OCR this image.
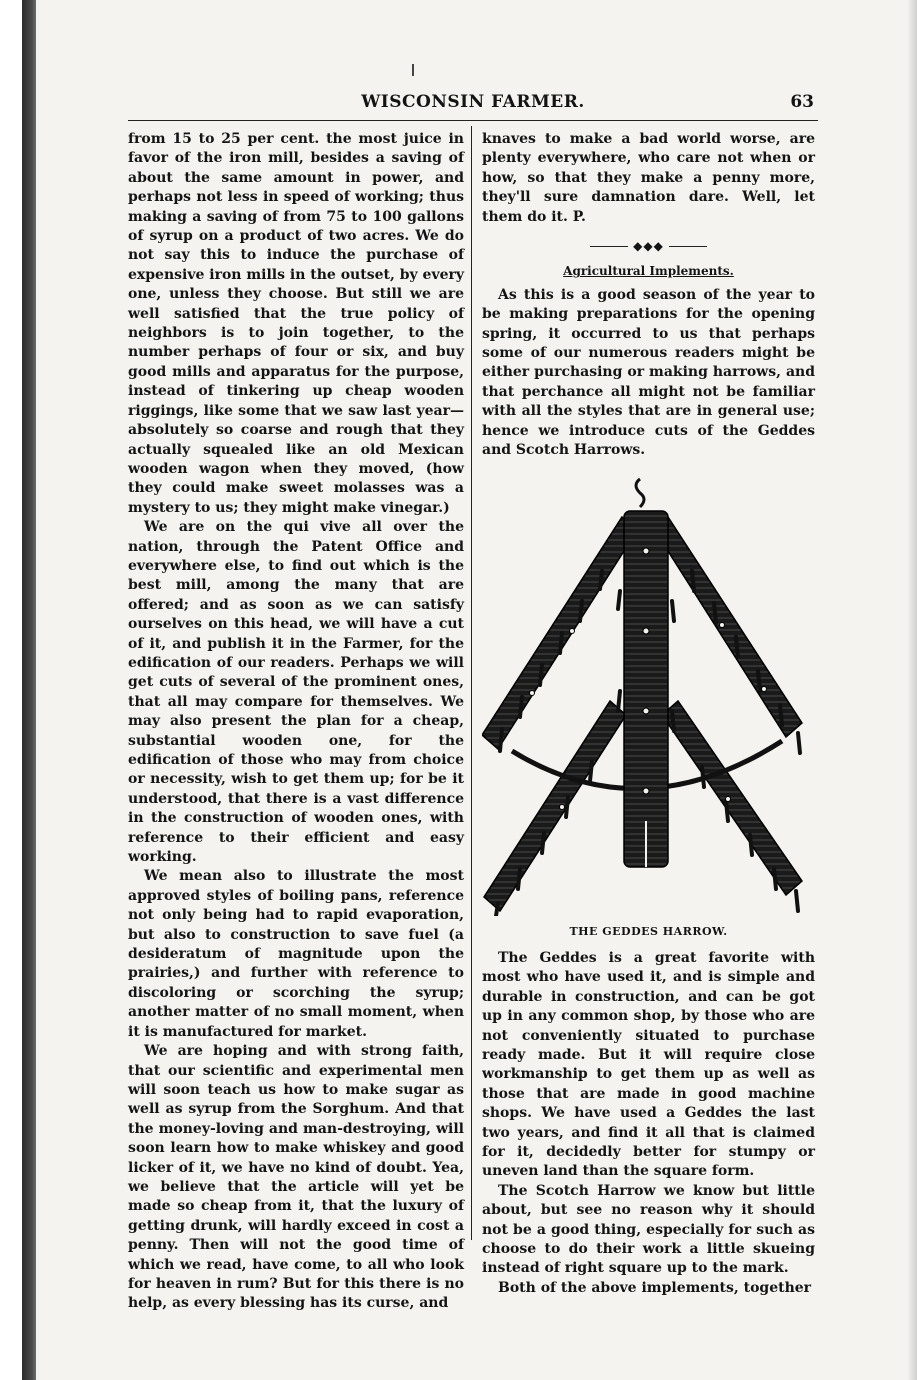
WISCONSIN FARMER.	63

from 15 to 25 per cent. the most juice in favor of the iron mill, besides a saving of about the same amount in power, and perhaps not less in speed of working; thus making a saving of from 75 to 100 gallons of syrup on a product of two acres. We do not say this to induce the purchase of expensive iron mills in the outset, by every one, unless they choose. But still we are well satisfied that the true policy of neighbors is to join together, to the number perhaps of four or six, and buy good mills and apparatus for the purpose, instead of tinkering up cheap wooden riggings, like some that we saw last year—absolutely so coarse and rough that they actually squealed like an old Mexican wooden wagon when they moved, (how they could make sweet molasses was a mystery to us; they might make vinegar.)

We are on the qui vive all over the nation, through the Patent Office and everywhere else, to find out which is the best mill, among the many that are offered; and as soon as we can satisfy ourselves on this head, we will have a cut of it, and publish it in the Farmer, for the edification of our readers. Perhaps we will get cuts of several of the prominent ones, that all may compare for themselves. We may also present the plan for a cheap, substantial wooden one, for the edification of those who may from choice or necessity, wish to get them up; for be it understood, that there is a vast difference in the construction of wooden ones, with reference to their efficient and easy working.

We mean also to illustrate the most approved styles of boiling pans, reference not only being had to rapid evaporation, but also to construction to save fuel (a desideratum of magnitude upon the prairies,) and further with reference to discoloring or scorching the syrup; another matter of no small moment, when it is manufactured for market.

We are hoping and with strong faith, that our scientific and experimental men will soon teach us how to make sugar as well as syrup from the Sorghum. And that the money-loving and man-destroying, will soon learn how to make whiskey and good licker of it, we have no kind of doubt. Yea, we believe that the article will yet be made so cheap from it, that the luxury of getting drunk, will hardly exceed in cost a penny. Then will not the good time of which we read, have come, to all who look for heaven in rum? But for this there is no help, as every blessing has its curse, and

knaves to make a bad world worse, are plenty everywhere, who care not when or how, so that they make a penny more, they'll sure damnation dare. Well, let them do it. P.

◆◆◆
Agricultural Implements.

As this is a good season of the year to be making preparations for the opening spring, it occurred to us that perhaps some of our numerous readers might be either purchasing or making harrows, and that perchance all might not be familiar with all the styles that are in general use; hence we introduce cuts of the Geddes and Scotch Harrows.

THE GEDDES HARROW.

The Geddes is a great favorite with most who have used it, and is simple and durable in construction, and can be got up in any common shop, by those who are not conveniently situated to purchase ready made. But it will require close workmanship to get them up as well as those that are made in good machine shops. We have used a Geddes the last two years, and find it all that is claimed for it, decidedly better for stumpy or uneven land than the square form.

The Scotch Harrow we know but little about, but see no reason why it should not be a good thing, especially for such as choose to do their work a little skueing instead of right square up to the mark.

Both of the above implements, together
